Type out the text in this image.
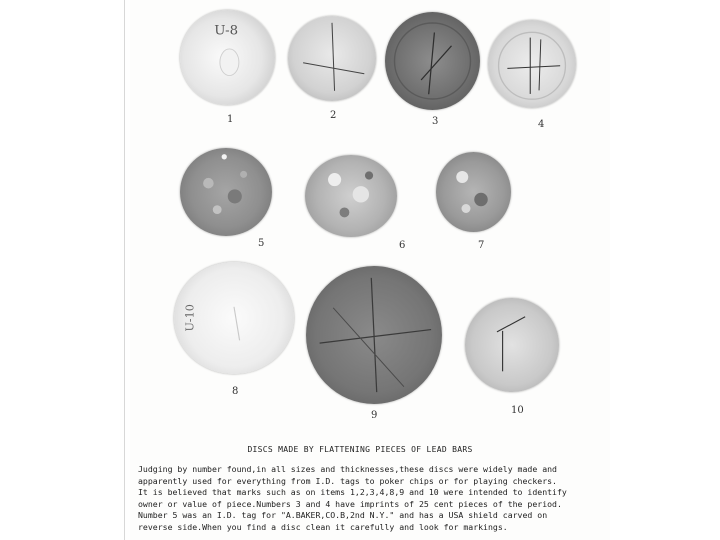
U-8
1	2
3	4
5	6	7
U-10
8
9	10
DISCS MADE BY FLATTENING PIECES OF LEAD BARS
Judging by number found,in all sizes and thicknesses,these discs were widely made and
apparently used for everything from I.D. tags to poker chips or for playing checkers.
It is believed that marks such as on items 1,2,3,4,8,9 and 10 were intended to identify
owner or value of piece.Numbers 3 and 4 have imprints of 25 cent pieces of the period.
Number 5 was an I.D. tag for "A.BAKER,CO.B,2nd N.Y." and has a USA shield carved on
reverse side.When you find a disc clean it carefully and look for markings.
